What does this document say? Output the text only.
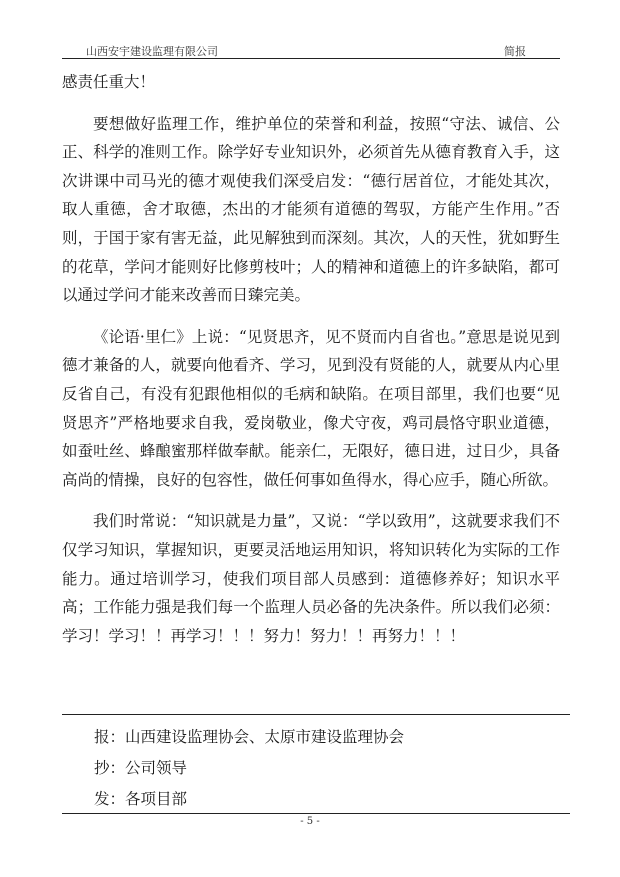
山西安宇建设监理有限公司	简报

感责任重大！

要想做好监理工作，维护单位的荣誉和利益，按照“守法、诚信、公正、科学的准则工作。除学好专业知识外，必须首先从德育教育入手，这次讲课中司马光的德才观使我们深受启发：“德行居首位，才能处其次，取人重德，舍才取德，杰出的才能须有道德的驾驭，方能产生作用。”否则，于国于家有害无益，此见解独到而深刻。其次，人的天性，犹如野生的花草，学问才能则好比修剪枝叶；人的精神和道德上的许多缺陷，都可以通过学问才能来改善而日臻完美。

《论语·里仁》上说：“见贤思齐，见不贤而内自省也。”意思是说见到德才兼备的人，就要向他看齐、学习，见到没有贤能的人，就要从内心里反省自己，有没有犯跟他相似的毛病和缺陷。在项目部里，我们也要“见贤思齐”严格地要求自我，爱岗敬业，像犬守夜，鸡司晨恪守职业道德，如蚕吐丝、蜂酿蜜那样做奉献。能亲仁，无限好，德日进，过日少，具备高尚的情操，良好的包容性，做任何事如鱼得水，得心应手，随心所欲。

我们时常说：“知识就是力量”，又说：“学以致用”，这就要求我们不仅学习知识，掌握知识，更要灵活地运用知识，将知识转化为实际的工作能力。通过培训学习，使我们项目部人员感到：道德修养好；知识水平高；工作能力强是我们每一个监理人员必备的先决条件。所以我们必须：学习！学习！！再学习！！！努力！努力！！再努力！！！

报：山西建设监理协会、太原市建设监理协会
抄：公司领导
发：各项目部
- 5 -
